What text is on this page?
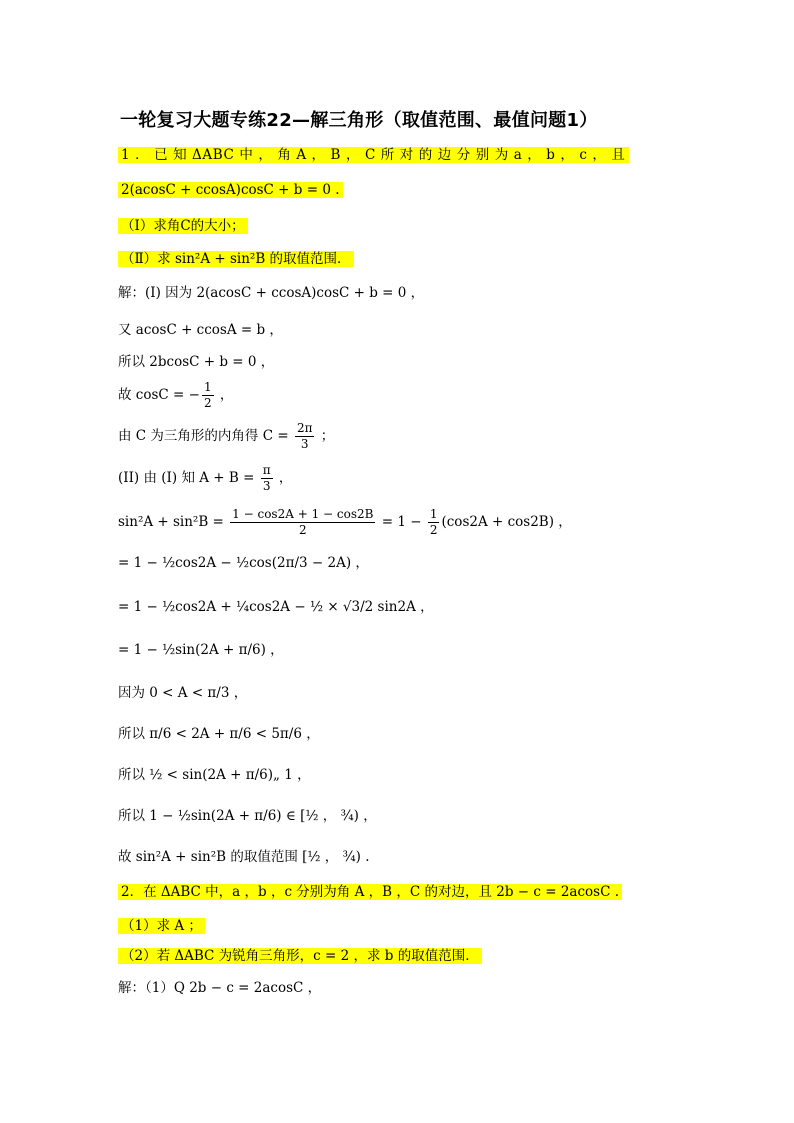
一轮复习大题专练22—解三角形（取值范围、最值问题1）
1 ． 已 知 ΔABC 中 ， 角 A ， B ， C 所 对 的 边 分 别 为 a ， b ， c ， 且
2(acosC + ccosA)cosC + b = 0 .
（Ⅰ）求角C的大小；
（Ⅱ）求 sin²A + sin²B 的取值范围．
解：(I) 因为 2(acosC + ccosA)cosC + b = 0 ，
又 acosC + ccosA = b ，
所以 2bcosC + b = 0 ，
故 cosC = − $\frac{1}{2}$ ，
由 C 为三角形的内角得 $C = \frac{2\pi}{3}$ ；
(II) 由 (I) 知 $A + B = \frac{\pi}{3}$ ，
$\sin^2A + \sin^2B = \frac{1 - \cos 2A + 1 - \cos 2B}{2} = 1 - \frac{1}{2} (\cos 2A + \cos 2B)$ ，
= 1 − ½cos2A − ½cos(2π/3 − 2A) ，
= 1 − ½cos2A + ¼cos2A − ½ × √3/2 sin2A ，
= 1 − ½sin(2A + π/6) ，
因为 0 < A < π/3 ，
所以 π/6 < 2A + π/6 < 5π/6 ，
所以 ½ < sin(2A + π/6)„ 1 ，
所以 1 − ½sin(2A + π/6) ∈ [½ ， ¾) ，
故 sin²A + sin²B 的取值范围 [½ ， ¾) .
2．在 ΔABC 中，a ，b ，c 分别为角 A ，B ，C 的对边，且 2b − c = 2acosC .
（1）求 A ；
（2）若 ΔABC 为锐角三角形，c = 2 ，求 b 的取值范围．
解：（1）Q 2b − c = 2acosC ，
